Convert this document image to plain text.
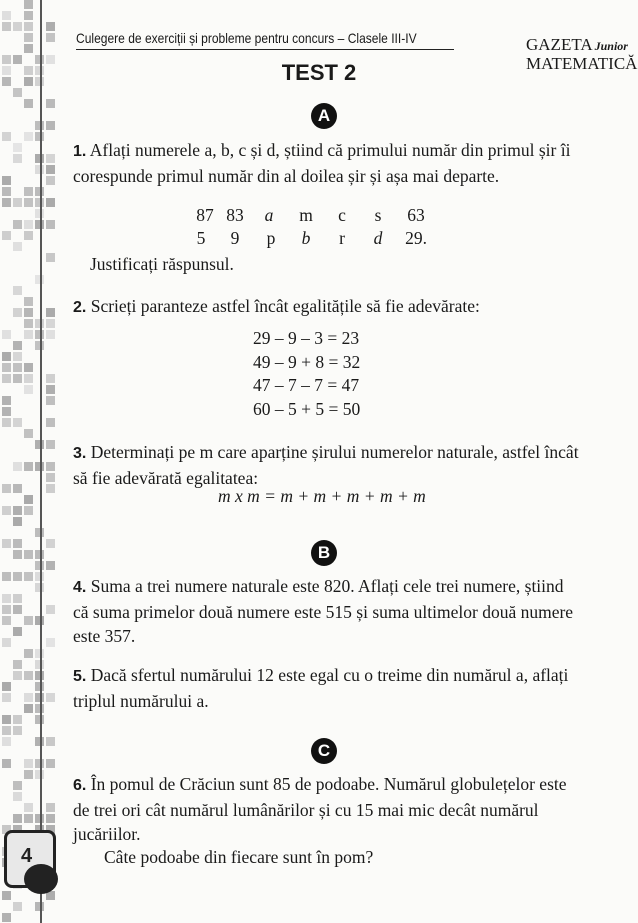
Culegere de exerciții și probleme pentru concurs – Clasele III-IV	GAZETA Junior
MATEMATICĂ
TEST 2
A
1. Aflați numerele a, b, c și d, știind că primului număr din primul șir îi corespunde primul număr din al doilea șir și așa mai departe.
87 83 a m c s 63
5 9 p b r d 29.
Justificați răspunsul.
2. Scrieți paranteze astfel încât egalitățile să fie adevărate:
29 – 9 – 3 = 23
49 – 9 + 8 = 32
47 – 7 – 7 = 47
60 – 5 + 5 = 50
3. Determinați pe m care aparține șirului numerelor naturale, astfel încât să fie adevărată egalitatea:
m x m = m + m + m + m + m
B
4. Suma a trei numere naturale este 820. Aflați cele trei numere, știind că suma primelor două numere este 515 și suma ultimelor două numere este 357.
5. Dacă sfertul numărului 12 este egal cu o treime din numărul a, aflați triplul numărului a.
C
6. În pomul de Crăciun sunt 85 de podoabe. Numărul globulețelor este de trei ori cât numărul lumânărilor și cu 15 mai mic decât numărul jucăriilor.
Câte podoabe din fiecare sunt în pom?
4
